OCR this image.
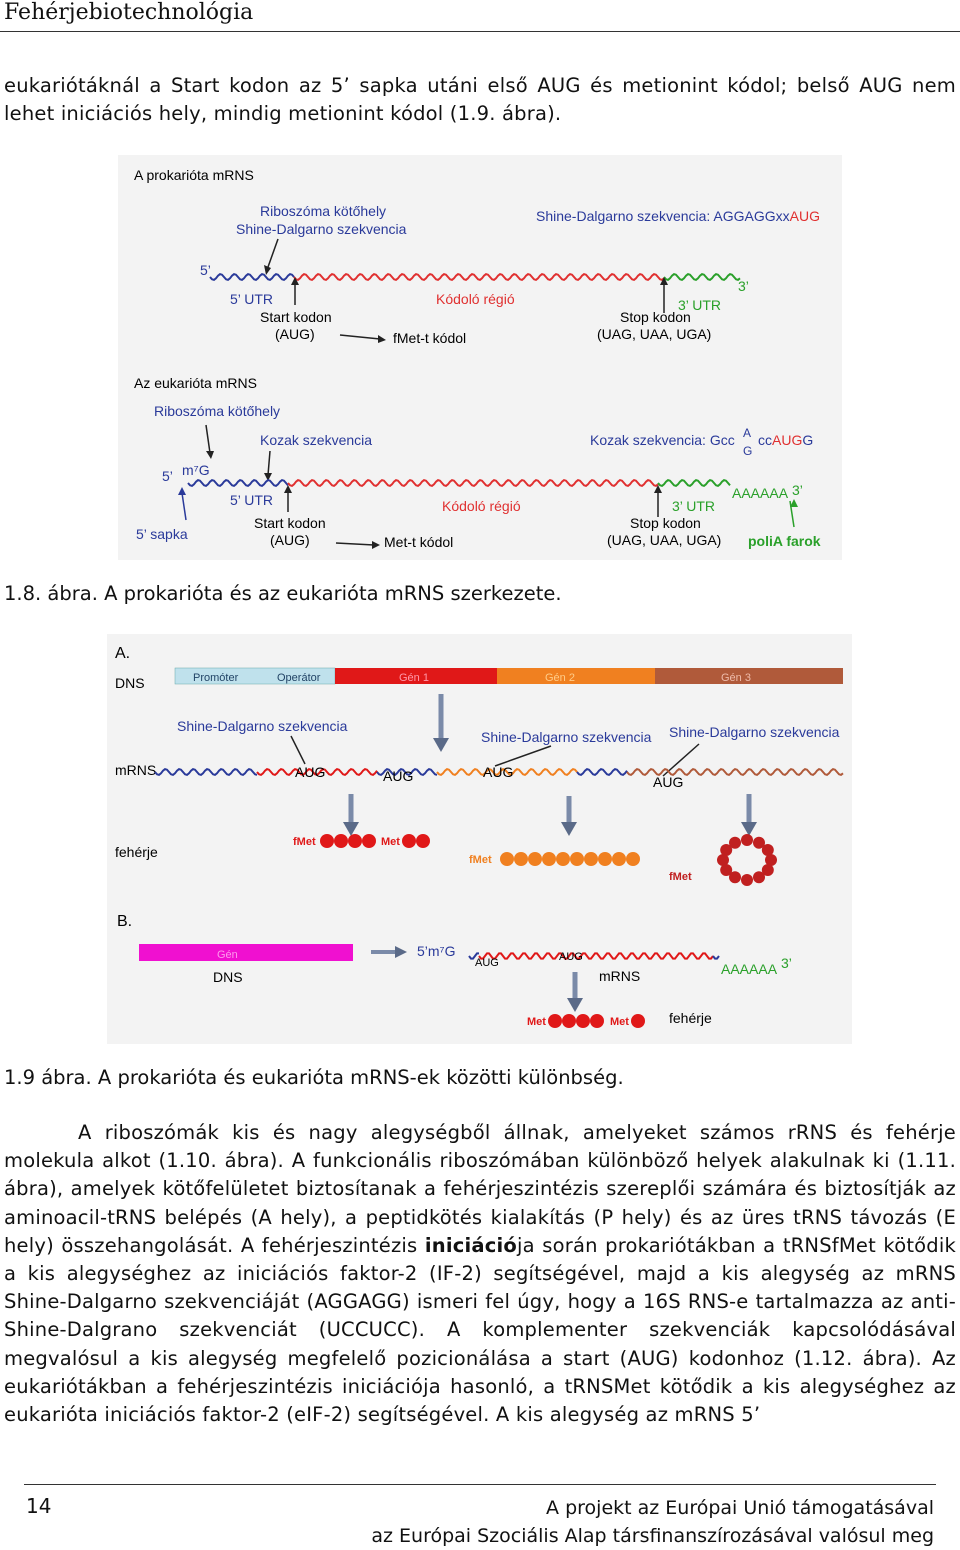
Fehérjebiotechnológia
eukariótáknál a Start kodon az 5’ sapka utáni első AUG és metionint kódol; belső AUG nem lehet iniciációs hely, mindig metionint kódol (1.9. ábra).
A prokarióta mRNS
Riboszóma kötőhely
Shine-Dalgarno szekvencia
Shine-Dalgarno szekvencia: AGGAGGxxAUG
5’
3’
5’ UTR
Start kodon
(AUG)
Kódoló régió
fMet-t kódol
3’ UTR
Stop kodon
(UAG, UAA, UGA)
Az eukarióta mRNS
Riboszóma kötőhely
Kozak szekvencia	Kozak szekvencia: Gcc A
G
ccAUGG
5’ m⁷G
AAAAAA 3’
5’ sapka
5’ UTR
Start kodon
(AUG)
Kódoló régió
Met-t kódol
3’ UTR
Stop kodon
(UAG, UAA, UGA) poliA farok
1.8. ábra. A prokarióta és az eukarióta mRNS szerkezete.
A.
DNS	Promóter	Operátor	Gén 1	Gén 2	Gén 3
Shine-Dalgarno szekvencia
Shine-Dalgarno szekvencia Shine-Dalgarno szekvencia
mRNS	AUG	AUG	AUG
AUG
fehérje
fMet	Met
fMet
fMet
B.
Gén
DNS
5’m⁷G
AUG	AUG
mRNS	AAAAAA 3’
Met	Met	fehérje
1.9 ábra. A prokarióta és eukarióta mRNS-ek közötti különbség.
A riboszómák kis és nagy alegységből állnak, amelyeket számos rRNS és fehérje molekula alkot (1.10. ábra). A funkcionális riboszómában különböző helyek alakulnak ki (1.11. ábra), amelyek kötőfelületet biztosítanak a fehérjeszintézis szereplői számára és biztosítják az aminoacil-tRNS belépés (A hely), a peptidkötés kialakítás (P hely) és az üres tRNS távozás (E hely) összehangolását. A fehérjeszintézis iniciációja során prokariótákban a tRNSfMet kötődik a kis alegységhez az iniciációs faktor-2 (IF-2) segítségével, majd a kis alegység az mRNS Shine-Dalgarno szekvenciáját (AGGAGG) ismeri fel úgy, hogy a 16S RNS-e tartalmazza az anti-Shine-Dalgrano szekvenciát (UCCUCC). A komplementer szekvenciák kapcsolódásával megvalósul a kis alegység megfelelő pozicionálása a start (AUG) kodonhoz (1.12. ábra). Az eukariótákban a fehérjeszintézis iniciációja hasonló, a tRNSMet kötődik a kis alegységhez az eukarióta iniciációs faktor-2 (eIF-2) segítségével. A kis alegység az mRNS 5’
14	A projekt az Európai Unió támogatásával
az Európai Szociális Alap társfinanszírozásával valósul meg
